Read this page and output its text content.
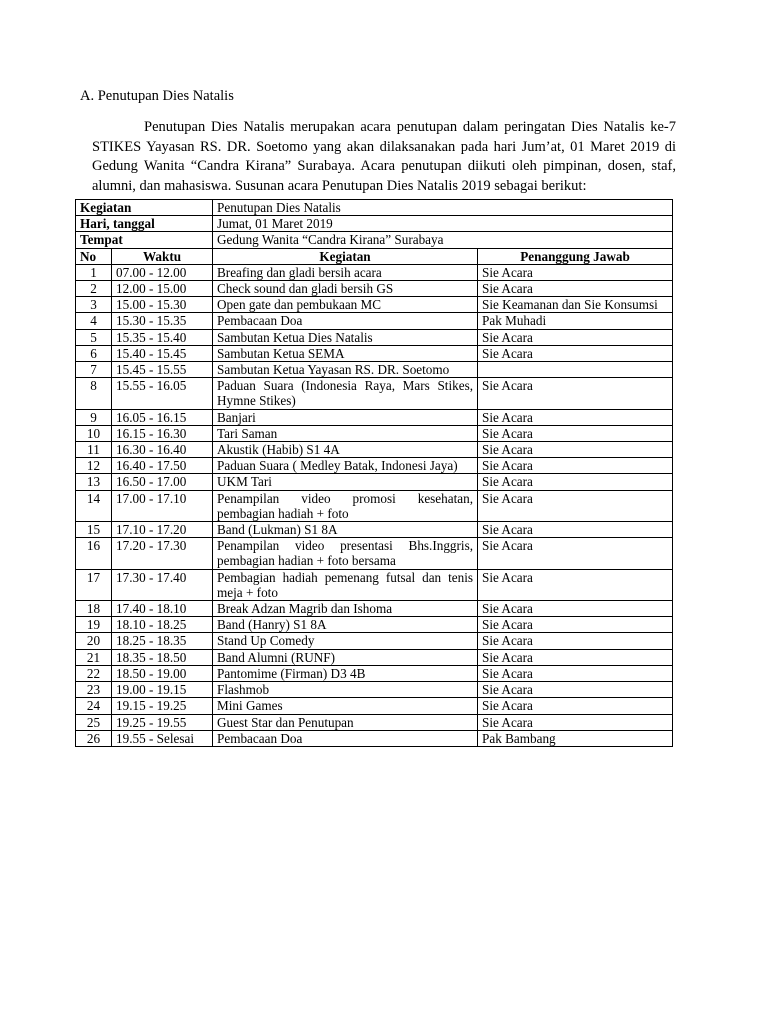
A. Penutupan Dies Natalis
Penutupan Dies Natalis merupakan acara penutupan dalam peringatan Dies Natalis ke-7 STIKES Yayasan RS. DR. Soetomo yang akan dilaksanakan pada hari Jum’at, 01 Maret 2019 di Gedung Wanita “Candra Kirana” Surabaya. Acara penutupan diikuti oleh pimpinan, dosen, staf, alumni, dan mahasiswa. Susunan acara Penutupan Dies Natalis 2019 sebagai berikut:
Kegiatan		Penutupan Dies Natalis	
Hari, tanggal		Jumat, 01 Maret 2019	
Tempat		Gedung Wanita “Candra Kirana” Surabaya	
No	Waktu	Kegiatan	Penanggung Jawab
1	07.00 - 12.00	Breafing dan gladi bersih acara	Sie Acara
2	12.00 - 15.00	Check sound dan gladi bersih GS	Sie Acara
3	15.00 - 15.30	Open gate dan pembukaan MC	Sie Keamanan dan Sie Konsumsi
4	15.30 - 15.35	Pembacaan Doa	Pak Muhadi
5	15.35 - 15.40	Sambutan Ketua Dies Natalis	Sie Acara
6	15.40 - 15.45	Sambutan Ketua SEMA	Sie Acara
7	15.45 - 15.55	Sambutan Ketua Yayasan RS. DR. Soetomo	
8	15.55 - 16.05	Paduan Suara (Indonesia Raya, Mars Stikes, Hymne Stikes)	Sie Acara
9	16.05 - 16.15	Banjari	Sie Acara
10	16.15 - 16.30	Tari Saman	Sie Acara
11	16.30 - 16.40	Akustik (Habib) S1 4A	Sie Acara
12	16.40 - 17.50	Paduan Suara ( Medley Batak, Indonesi Jaya)	Sie Acara
13	16.50 - 17.00	UKM Tari	Sie Acara
14	17.00 - 17.10	Penampilan video promosi kesehatan, pembagian hadiah + foto	Sie Acara
15	17.10 - 17.20	Band (Lukman) S1 8A	Sie Acara
16	17.20 - 17.30	Penampilan video presentasi Bhs.Inggris, pembagian hadian + foto bersama	Sie Acara
17	17.30 - 17.40	Pembagian hadiah pemenang futsal dan tenis meja + foto	Sie Acara
18	17.40 - 18.10	Break Adzan Magrib dan Ishoma	Sie Acara
19	18.10 - 18.25	Band (Hanry) S1 8A	Sie Acara
20	18.25 - 18.35	Stand Up Comedy	Sie Acara
21	18.35 - 18.50	Band Alumni (RUNF)	Sie Acara
22	18.50 - 19.00	Pantomime (Firman) D3 4B	Sie Acara
23	19.00 - 19.15	Flashmob	Sie Acara
24	19.15 - 19.25	Mini Games	Sie Acara
25	19.25 - 19.55	Guest Star dan Penutupan	Sie Acara
26	19.55 - Selesai	Pembacaan Doa	Pak Bambang
